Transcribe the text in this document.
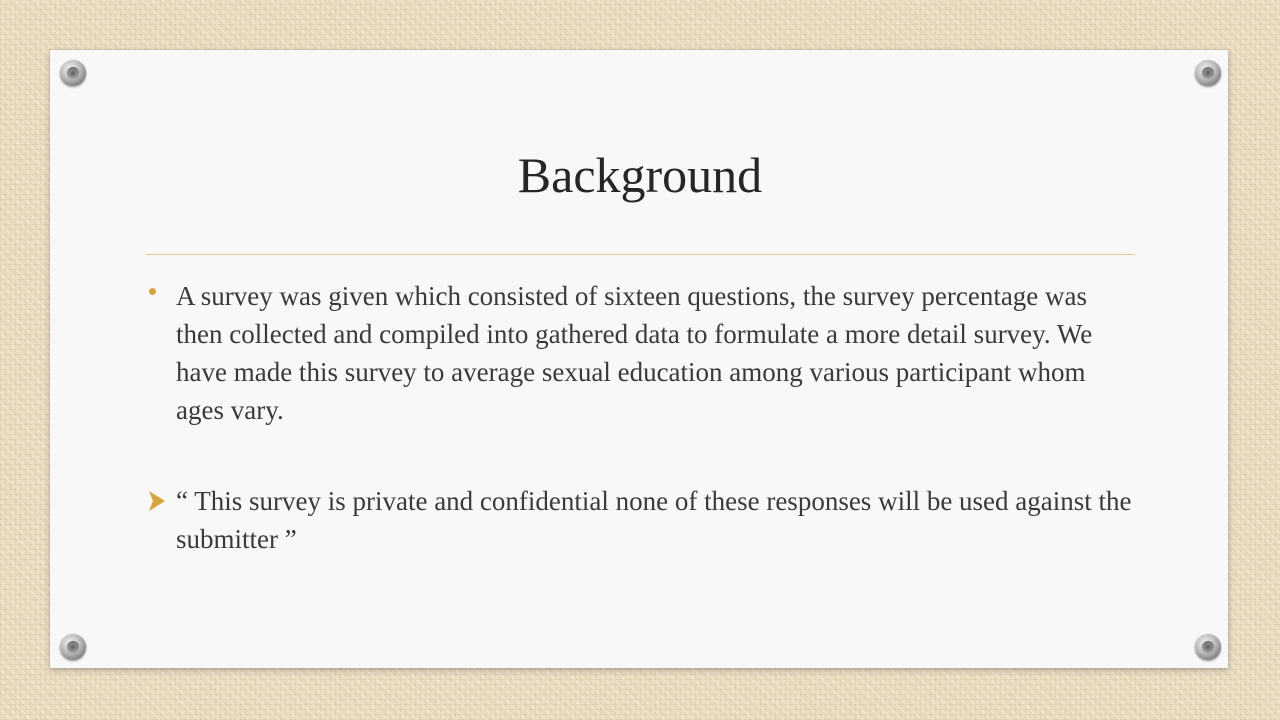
Background
A survey was given which consisted of sixteen questions, the survey percentage was then collected and compiled into gathered data to formulate a more detail survey. We have made this survey to average sexual education among various participant whom ages vary.
“ This survey is private and confidential none of these responses will be used against the submitter ”
